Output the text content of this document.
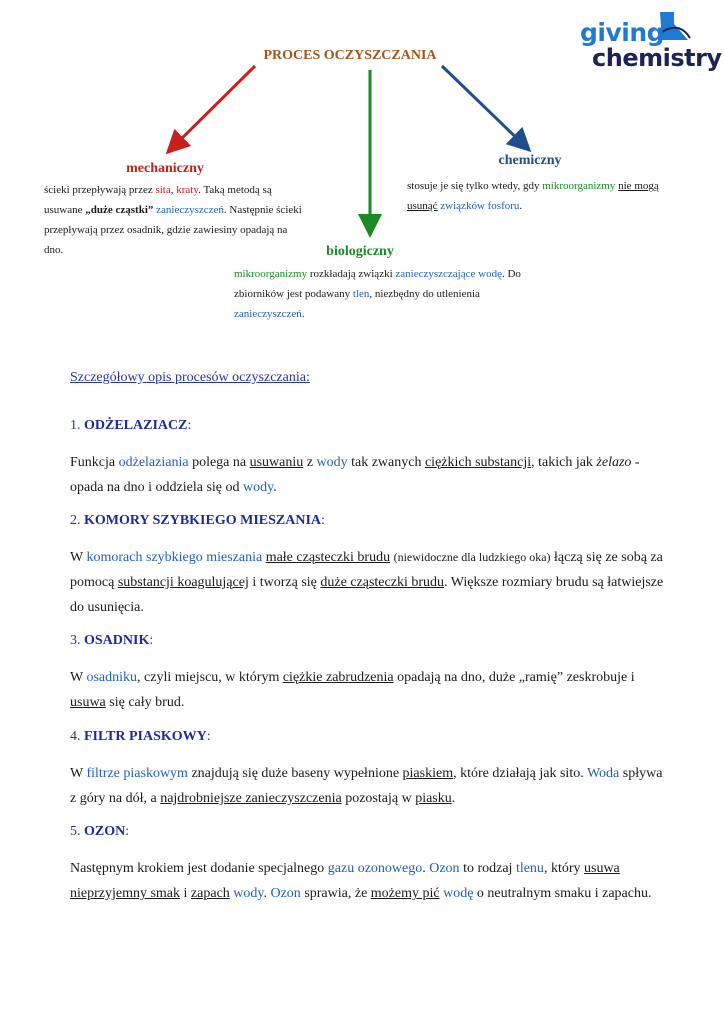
giving
chemistry
PROCES OCZYSZCZANIA
mechaniczny
ścieki przepływają przez sita, kraty. Taką metodą są usuwane „duże cząstki” zanieczyszczeń. Następnie ścieki przepływają przez osadnik, gdzie zawiesiny opadają na dno.
chemiczny
stosuje je się tylko wtedy, gdy mikroorganizmy nie mogą usunąć związków fosforu.
biologiczny
mikroorganizmy rozkładają związki zanieczyszczające wodę. Do zbiorników jest podawany tlen, niezbędny do utlenienia zanieczyszczeń.
Szczegółowy opis procesów oczyszczania:
1. ODŻELAZIACZ:
Funkcja odżelaziania polega na usuwaniu z wody tak zwanych ciężkich substancji, takich jak żelazo - opada na dno i oddziela się od wody.
2. KOMORY SZYBKIEGO MIESZANIA:
W komorach szybkiego mieszania małe cząsteczki brudu (niewidoczne dla ludzkiego oka) łączą się ze sobą za pomocą substancji koagulującej i tworzą się duże cząsteczki brudu. Większe rozmiary brudu są łatwiejsze do usunięcia.
3. OSADNIK:
W osadniku, czyli miejscu, w którym ciężkie zabrudzenia opadają na dno, duże „ramię” zeskrobuje i usuwa się cały brud.
4. FILTR PIASKOWY:
W filtrze piaskowym znajdują się duże baseny wypełnione piaskiem, które działają jak sito. Woda spływa z góry na dół, a najdrobniejsze zanieczyszczenia pozostają w piasku.
5. OZON:
Następnym krokiem jest dodanie specjalnego gazu ozonowego. Ozon to rodzaj tlenu, który usuwa nieprzyjemny smak i zapach wody. Ozon sprawia, że możemy pić wodę o neutralnym smaku i zapachu.
